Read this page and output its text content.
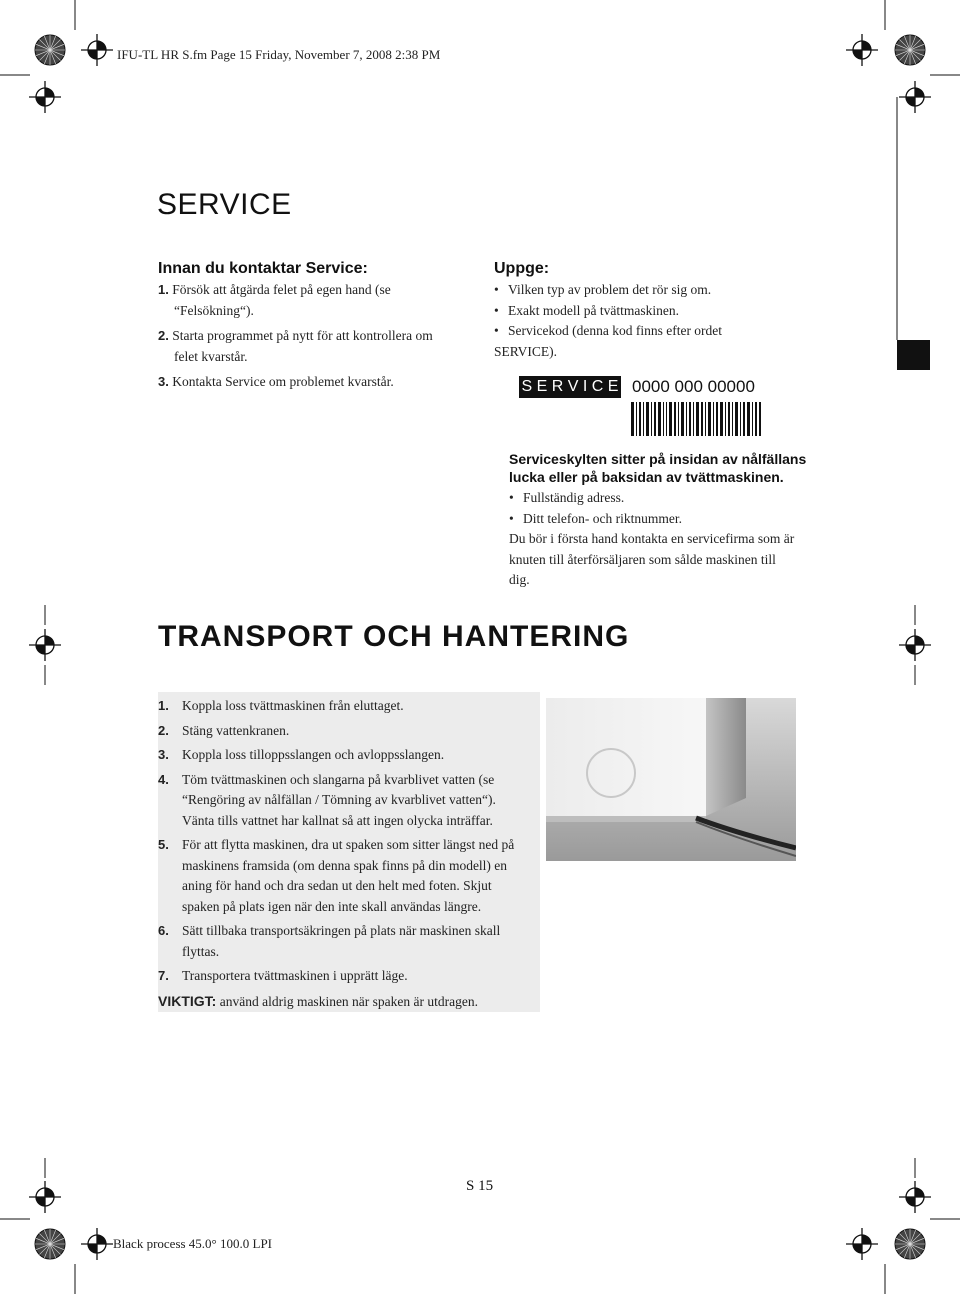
IFU-TL HR S.fm Page 15 Friday, November 7, 2008 2:38 PM
Black process 45.0° 100.0 LPI
SERVICE
Innan du kontaktar Service:
1. Försök att åtgärda felet på egen hand (se
“Felsökning“).
2. Starta programmet på nytt för att kontrollera om
felet kvarstår.
3. Kontakta Service om problemet kvarstår.
Uppge:
• Vilken typ av problem det rör sig om.
• Exakt modell på tvättmaskinen.
• Servicekod (denna kod finns efter ordet
SERVICE).
S E R V I C E 0000 000 00000
Serviceskylten sitter på insidan av nålfällans lucka eller på baksidan av tvättmaskinen.
• Fullständig adress.
• Ditt telefon- och riktnummer.
Du bör i första hand kontakta en servicefirma som är knuten till återförsäljaren som sålde maskinen till dig.
TRANSPORT OCH HANTERING
1. Koppla loss tvättmaskinen från eluttaget.
2. Stäng vattenkranen.
3. Koppla loss tilloppsslangen och avloppsslangen.
4. Töm tvättmaskinen och slangarna på kvarblivet vatten (se “Rengöring av nålfällan / Tömning av kvarblivet vatten“). Vänta tills vattnet har kallnat så att ingen olycka inträffar.
5. För att flytta maskinen, dra ut spaken som sitter längst ned på maskinens framsida (om denna spak finns på din modell) en aning för hand och dra sedan ut den helt med foten. Skjut spaken på plats igen när den inte skall användas längre.
6. Sätt tillbaka transportsäkringen på plats när maskinen skall flyttas.
7. Transportera tvättmaskinen i upprätt läge.
VIKTIGT: använd aldrig maskinen när spaken är utdragen.
S 15
